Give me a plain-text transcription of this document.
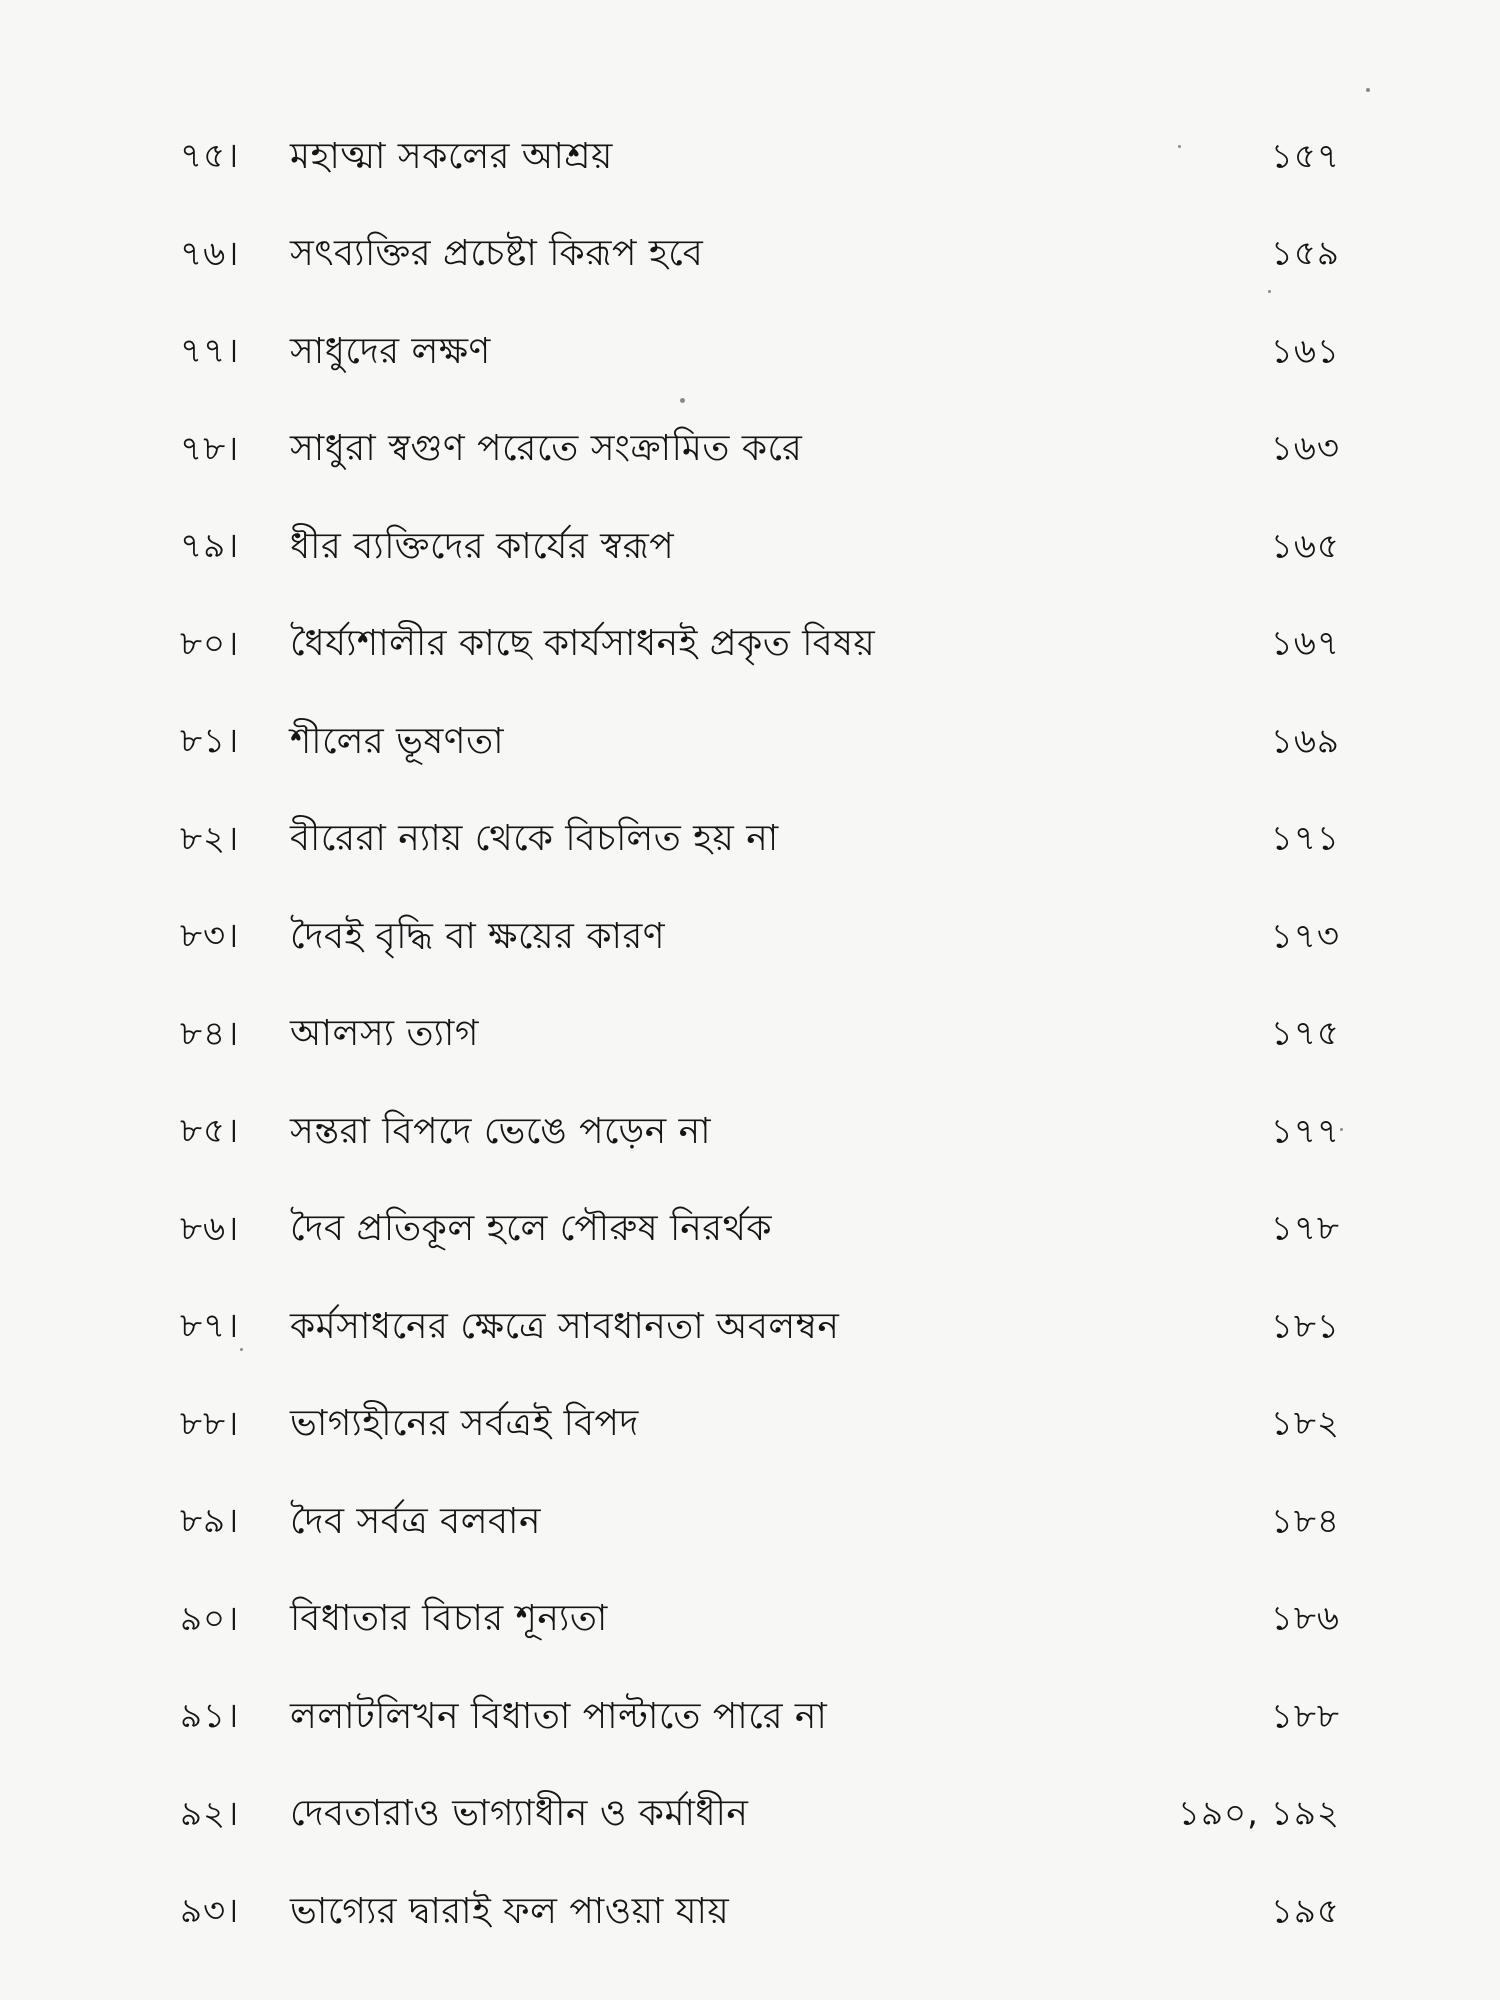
৭৫।	মহাত্মা সকলের আশ্রয়	১৫৭
৭৬।	সৎব্যক্তির প্রচেষ্টা কিরূপ হবে	১৫৯
৭৭।	সাধুদের লক্ষণ	১৬১
৭৮।	সাধুরা স্বগুণ পরেতে সংক্রামিত করে	১৬৩
৭৯।	ধীর ব্যক্তিদের কার্যের স্বরূপ	১৬৫
৮০।	ধৈর্য্যশালীর কাছে কার্যসাধনই প্রকৃত বিষয়	১৬৭
৮১।	শীলের ভূষণতা	১৬৯
৮২।	বীরেরা ন্যায় থেকে বিচলিত হয় না	১৭১
৮৩।	দৈবই বৃদ্ধি বা ক্ষয়ের কারণ	১৭৩
৮৪।	আলস্য ত্যাগ	১৭৫
৮৫।	সন্তরা বিপদে ভেঙে পড়েন না	১৭৭
৮৬।	দৈব প্রতিকূল হলে পৌরুষ নিরর্থক	১৭৮
৮৭।	কর্মসাধনের ক্ষেত্রে সাবধানতা অবলম্বন	১৮১
৮৮।	ভাগ্যহীনের সর্বত্রই বিপদ	১৮২
৮৯।	দৈব সর্বত্র বলবান	১৮৪
৯০।	বিধাতার বিচার শূন্যতা	১৮৬
৯১।	ললাটলিখন বিধাতা পাল্টাতে পারে না	১৮৮
৯২।	দেবতারাও ভাগ্যাধীন ও কর্মাধীন	১৯০, ১৯২
৯৩।	ভাগ্যের দ্বারাই ফল পাওয়া যায়	১৯৫
